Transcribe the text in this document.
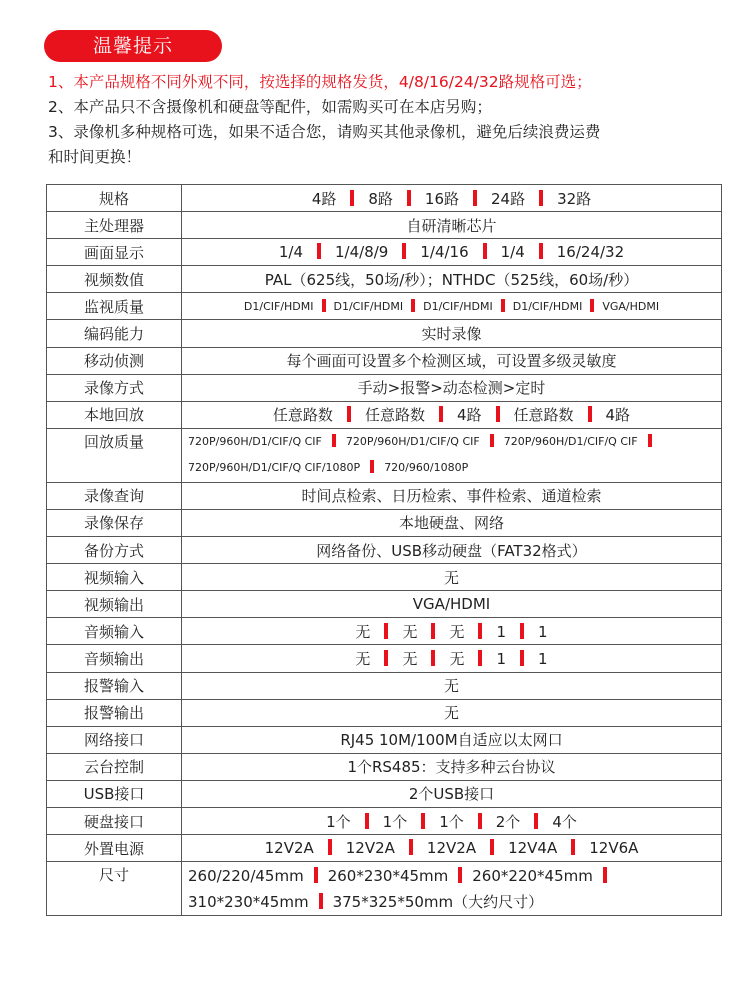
温馨提示

1、本产品规格不同外观不同，按选择的规格发货，4/8/16/24/32路规格可选；

2、本产品只不含摄像机和硬盘等配件，如需购买可在本店另购；

3、录像机多种规格可选，如果不适合您，请购买其他录像机，避免后续浪费运费

和时间更换！

规格	4路 8路 16路 24路 32路
主处理器	自研清晰芯片
画面显示	1/4 1/4/8/9 1/4/16 1/4 16/24/32
视频数值	PAL（625线，50场/秒）；NTHDC（525线，60场/秒）
监视质量	D1/CIF/HDMI D1/CIF/HDMI D1/CIF/HDMI D1/CIF/HDMI VGA/HDMI
编码能力	实时录像
移动侦测	每个画面可设置多个检测区域，可设置多级灵敏度
录像方式	手动>报警>动态检测>定时
本地回放	任意路数 任意路数 4路 任意路数 4路
回放质量	720P/960H/D1/CIF/Q CIF 720P/960H/D1/CIF/Q CIF 720P/960H/D1/CIF/Q CIF
720P/960H/D1/CIF/Q CIF/1080P 720/960/1080P
录像查询	时间点检索、日历检索、事件检索、通道检索
录像保存	本地硬盘、网络
备份方式	网络备份、USB移动硬盘（FAT32格式）
视频输入	无
视频输出	VGA/HDMI
音频输入	无 无 无 1 1
音频输出	无 无 无 1 1
报警输入	无
报警输出	无
网络接口	RJ45 10M/100M自适应以太网口
云台控制	1个RS485：支持多种云台协议
USB接口	2个USB接口
硬盘接口	1个 1个 1个 2个 4个
外置电源	12V2A 12V2A 12V2A 12V4A 12V6A
尺寸	260/220/45mm 260*230*45mm 260*220*45mm
310*230*45mm 375*325*50mm（大约尺寸）
